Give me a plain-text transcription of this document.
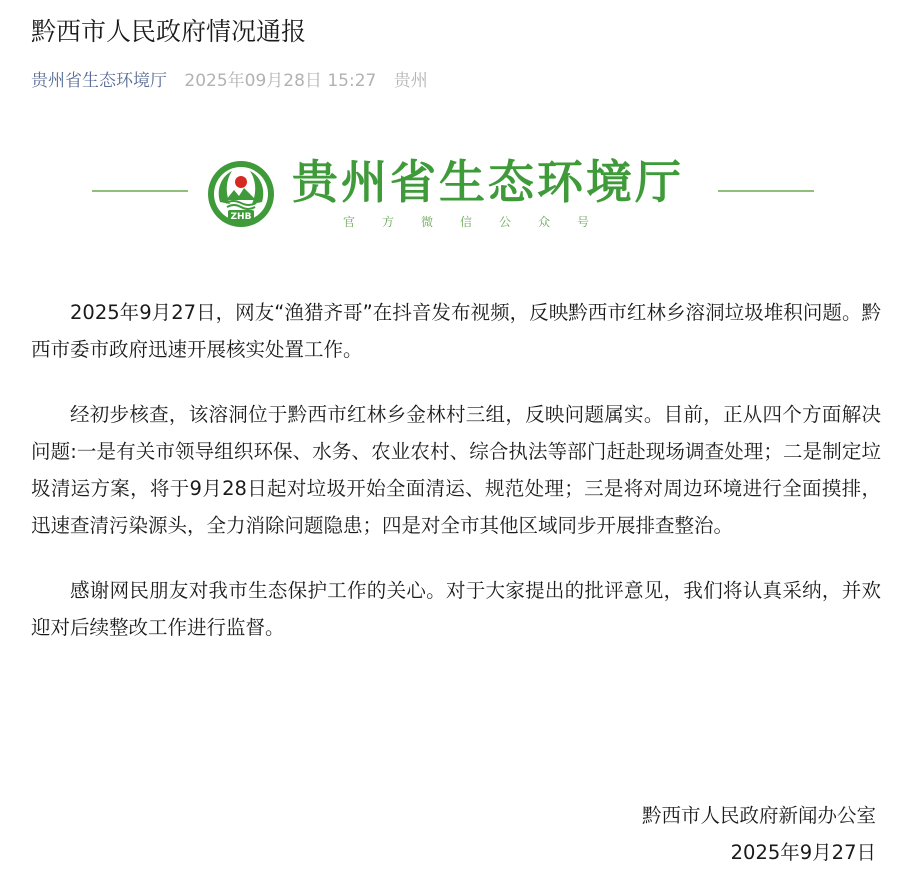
黔西市人民政府情况通报
贵州省生态环境厅 2025年09月28日 15:27 贵州
ZHB
贵州省生态环境厅
官方微信公众号

2025年9月27日，网友“渔猎齐哥”在抖音发布视频，反映黔西市红林乡溶洞垃圾堆积问题。黔西市委市政府迅速开展核实处置工作。

经初步核查，该溶洞位于黔西市红林乡金林村三组，反映问题属实。目前，正从四个方面解决问题:一是有关市领导组织环保、水务、农业农村、综合执法等部门赶赴现场调查处理；二是制定垃圾清运方案，将于9月28日起对垃圾开始全面清运、规范处理；三是将对周边环境进行全面摸排，迅速查清污染源头，全力消除问题隐患；四是对全市其他区域同步开展排查整治。

感谢网民朋友对我市生态保护工作的关心。对于大家提出的批评意见，我们将认真采纳，并欢迎对后续整改工作进行监督。

黔西市人民政府新闻办公室
2025年9月27日
